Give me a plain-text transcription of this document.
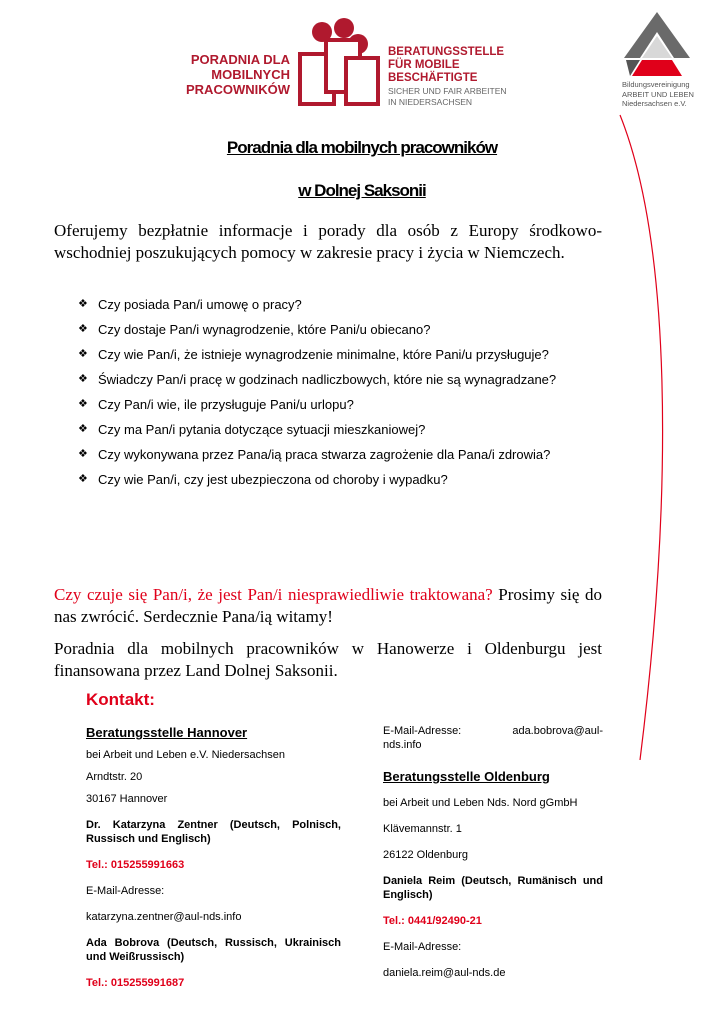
PORADNIA DLA
MOBILNYCH
PRACOWNIKÓW
BERATUNGSSTELLE
FÜR MOBILE
BESCHÄFTIGTE
SICHER UND FAIR ARBEITEN
IN NIEDERSACHSEN
Bildungsvereinigung
ARBEIT UND LEBEN
Niedersachsen e.V.
Poradnia dla mobilnych pracowników
w Dolnej Saksonii

Oferujemy bezpłatnie informacje i porady dla osób z Europy środkowo-wschodniej poszukujących pomocy w zakresie pracy i życia w Niemczech.

❖ Czy posiada Pan/i umowę o pracy?
❖ Czy dostaje Pan/i wynagrodzenie, które Pani/u obiecano?
❖ Czy wie Pan/i, że istnieje wynagrodzenie minimalne, które Pani/u przysługuje?
❖ Świadczy Pan/i pracę w godzinach nadliczbowych, które nie są wynagradzane?
❖ Czy Pan/i wie, ile przysługuje Pani/u urlopu?
❖ Czy ma Pan/i pytania dotyczące sytuacji mieszkaniowej?
❖ Czy wykonywana przez Pana/ią praca stwarza zagrożenie dla Pana/i zdrowia?
❖ Czy wie Pan/i, czy jest ubezpieczona od choroby i wypadku?

Czy czuje się Pan/i, że jest Pan/i niesprawiedliwie traktowana? Prosimy się do nas zwrócić. Serdecznie Pana/ią witamy!

Poradnia dla mobilnych pracowników w Hanowerze i Oldenburgu jest finansowana przez Land Dolnej Saksonii.

Kontakt:

Beratungsstelle Hannover

bei Arbeit und Leben e.V. Niedersachsen

Arndtstr. 20

30167 Hannover

Dr. Katarzyna Zentner (Deutsch, Polnisch, Russisch und Englisch)

Tel.: 015255991663

E-Mail-Adresse:

katarzyna.zentner@aul-nds.info

Ada Bobrova (Deutsch, Russisch, Ukrainisch und Weißrussisch)

Tel.: 015255991687

E-Mail-Adresse:	ada.bobrova@aul-

nds.info

Beratungsstelle Oldenburg

bei Arbeit und Leben Nds. Nord gGmbH

Klävemannstr. 1

26122 Oldenburg

Daniela Reim (Deutsch, Rumänisch und Englisch)

Tel.: 0441/92490-21

E-Mail-Adresse:

daniela.reim@aul-nds.de
